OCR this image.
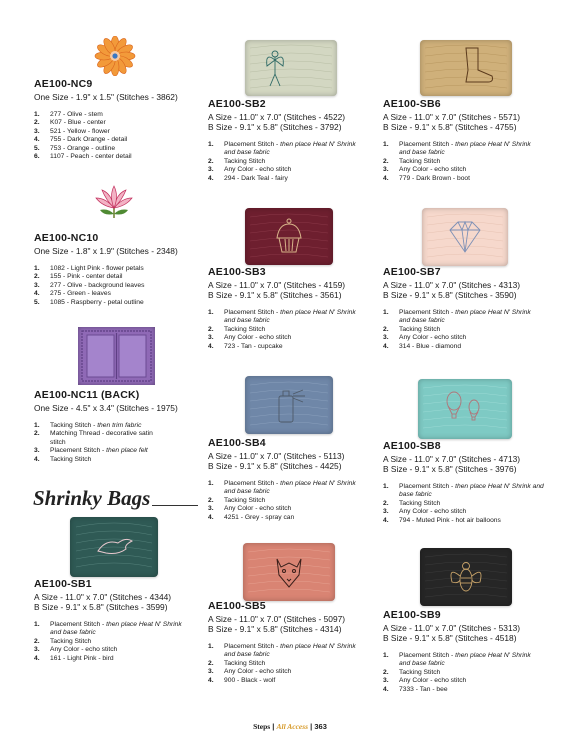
AE100-NC9

One Size - 1.9" x 1.5" (Stitches - 3862)

1. 277 - Olive - stem
2. K07 - Blue - center
3. 521 - Yellow - flower
4. 755 - Dark Orange - detail
5. 753 - Orange - outline
6. 1107 - Peach - center detail

AE100-NC10

One Size - 1.8" x 1.9" (Stitches - 2348)

1. 1082 - Light Pink - flower petals
2. 155 - Pink - center detail
3. 277 - Olive - background leaves
4. 275 - Green - leaves
5. 1085 - Raspberry - petal outline

AE100-NC11 (BACK)

One Size - 4.5" x 3.4" (Stitches - 1975)

1. Tacking Stitch - then trim fabric
2. Matching Thread - decorative satin stitch
3. Placement Stitch - then place felt
4. Tacking Stitch
Shrinky Bags

AE100-SB1

A Size - 11.0" x 7.0" (Stitches - 4344)

B Size - 9.1" x 5.8" (Stitches - 3599)

1. Placement Stitch - then place Heat N' Shrink and base fabric
2. Tacking Stitch
3. Any Color - echo stitch
4. 161 - Light Pink - bird

AE100-SB2

A Size - 11.0" x 7.0" (Stitches - 4522)

B Size - 9.1" x 5.8" (Stitches - 3792)

1. Placement Stitch - then place Heat N' Shrink and base fabric
2. Tacking Stitch
3. Any Color - echo stitch
4. 294 - Dark Teal - fairy

AE100-SB3

A Size - 11.0" x 7.0" (Stitches - 4159)

B Size - 9.1" x 5.8" (Stitches - 3561)

1. Placement Stitch - then place Heat N' Shrink and base fabric
2. Tacking Stitch
3. Any Color - echo stitch
4. 723 - Tan - cupcake

AE100-SB4

A Size - 11.0" x 7.0" (Stitches - 5113)

B Size - 9.1" x 5.8" (Stitches - 4425)

1. Placement Stitch - then place Heat N' Shrink and base fabric
2. Tacking Stitch
3. Any Color - echo stitch
4. 4251 - Grey - spray can

AE100-SB5

A Size - 11.0" x 7.0" (Stitches - 5097)

B Size - 9.1" x 5.8" (Stitches - 4314)

1. Placement Stitch - then place Heat N' Shrink and base fabric
2. Tacking Stitch
3. Any Color - echo stitch
4. 900 - Black - wolf

AE100-SB6

A Size - 11.0" x 7.0" (Stitches - 5571)

B Size - 9.1" x 5.8" (Stitches - 4755)

1. Placement Stitch - then place Heat N' Shrink and base fabric
2. Tacking Stitch
3. Any Color - echo stitch
4. 779 - Dark Brown - boot

AE100-SB7

A Size - 11.0" x 7.0" (Stitches - 4313)

B Size - 9.1" x 5.8" (Stitches - 3590)

1. Placement Stitch - then place Heat N' Shrink and base fabric
2. Tacking Stitch
3. Any Color - echo stitch
4. 314 - Blue - diamond

AE100-SB8

A Size - 11.0" x 7.0" (Stitches - 4713)

B Size - 9.1" x 5.8" (Stitches - 3976)

1. Placement Stitch - then place Heat N' Shrink and base fabric
2. Tacking Stitch
3. Any Color - echo stitch
4. 794 - Muted Pink - hot air balloons

AE100-SB9

A Size - 11.0" x 7.0" (Stitches - 5313)

B Size - 9.1" x 5.8" (Stitches - 4518)

1. Placement Stitch - then place Heat N' Shrink and base fabric
2. Tacking Stitch
3. Any Color - echo stitch
4. 7333 - Tan - bee
Steps | All Access | 363
